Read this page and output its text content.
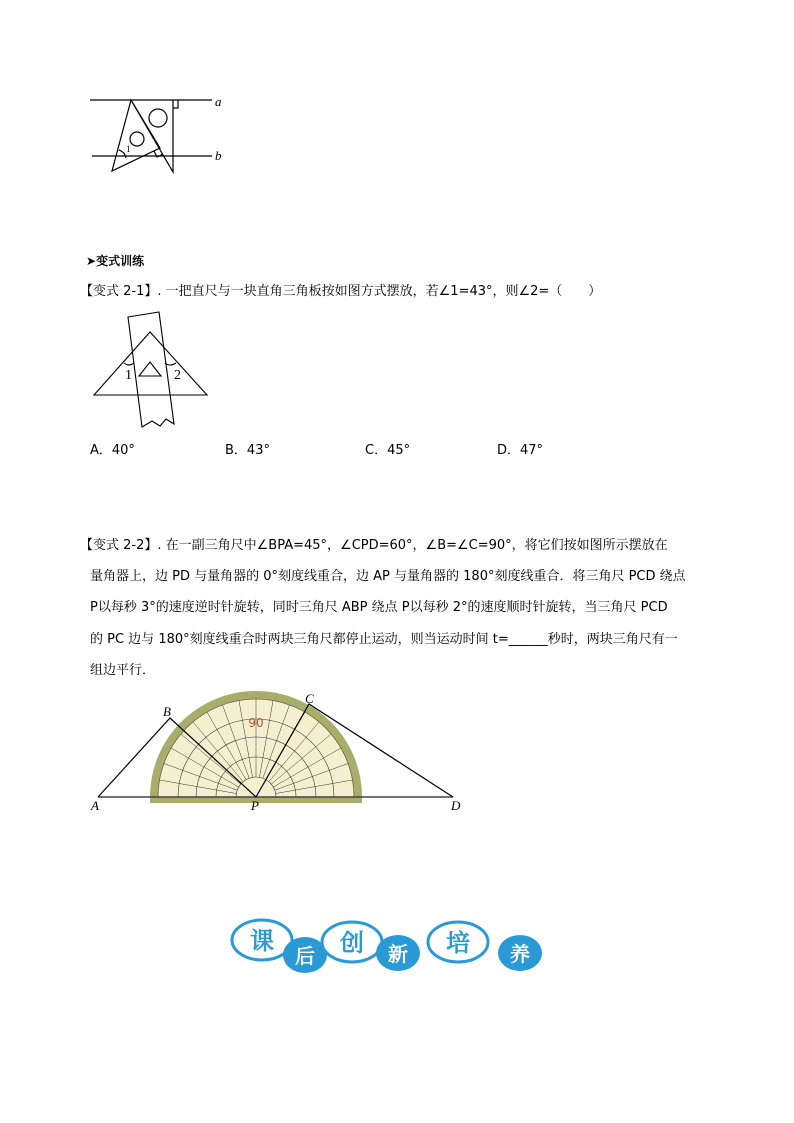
a
b
1
1	2
90
A
B
C
D
P
课
后 创 新 培 养
➤变式训练
【变式 2-1】. 一把直尺与一块直角三角板按如图方式摆放，若∠1=43°，则∠2=（　　）
A．40°	B．43°	C．45°	D．47°
【变式 2-2】. 在一副三角尺中∠BPA=45°，∠CPD=60°，∠B=∠C=90°，将它们按如图所示摆放在
量角器上，边 PD 与量角器的 0°刻度线重合，边 AP 与量角器的 180°刻度线重合．将三角尺 PCD 绕点
P以每秒 3°的速度逆时针旋转，同时三角尺 ABP 绕点 P以每秒 2°的速度顺时针旋转，当三角尺 PCD
的 PC 边与 180°刻度线重合时两块三角尺都停止运动，则当运动时间 t=______秒时，两块三角尺有一
组边平行．
